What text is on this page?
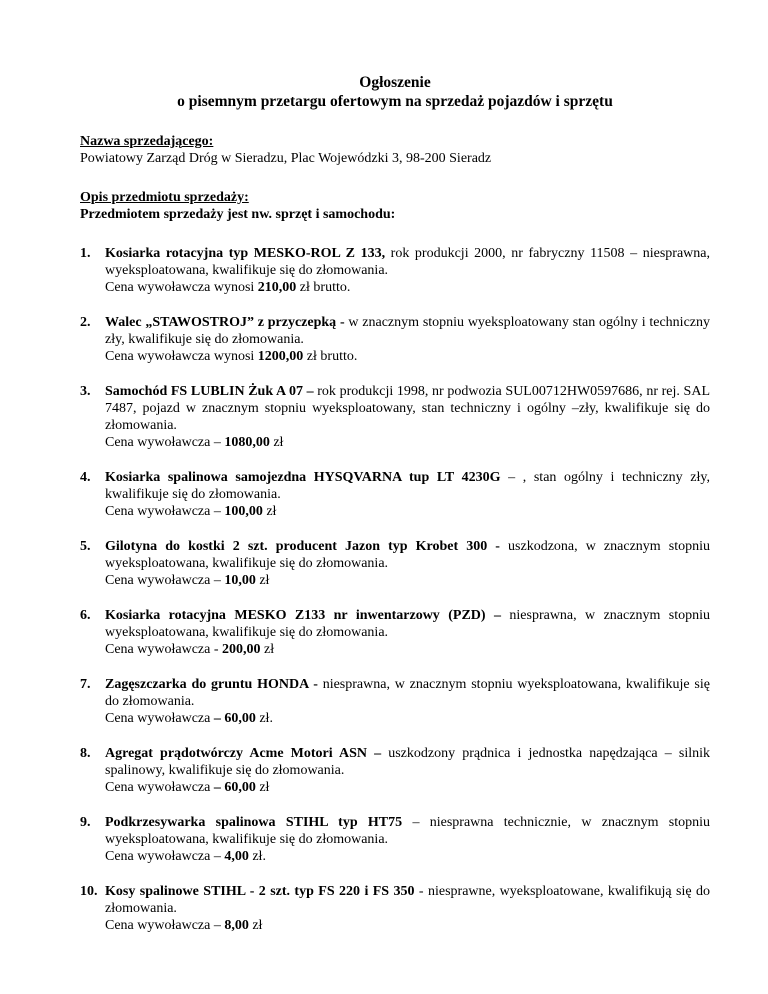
Ogłoszenie
o pisemnym przetargu ofertowym na sprzedaż pojazdów i sprzętu
Nazwa sprzedającego:
Powiatowy Zarząd Dróg w Sieradzu, Plac Wojewódzki 3, 98-200 Sieradz
Opis przedmiotu sprzedaży:
Przedmiotem sprzedaży jest nw. sprzęt i samochodu:
1. Kosiarka rotacyjna typ MESKO-ROL Z 133, rok produkcji 2000, nr fabryczny 11508 – niesprawna, wyeksploatowana, kwalifikuje się do złomowania.
Cena wywoławcza wynosi 210,00 zł brutto.
2. Walec „STAWOSTROJ” z przyczepką - w znacznym stopniu wyeksploatowany stan ogólny i techniczny zły, kwalifikuje się do złomowania.
Cena wywoławcza wynosi 1200,00 zł brutto.
3. Samochód FS LUBLIN Żuk A 07 – rok produkcji 1998, nr podwozia SUL00712HW0597686, nr rej. SAL 7487, pojazd w znacznym stopniu wyeksploatowany, stan techniczny i ogólny –zły, kwalifikuje się do złomowania.
Cena wywoławcza – 1080,00 zł
4. Kosiarka spalinowa samojezdna HYSQVARNA tup LT 4230G – , stan ogólny i techniczny zły, kwalifikuje się do złomowania.
Cena wywoławcza – 100,00 zł
5. Gilotyna do kostki 2 szt. producent Jazon typ Krobet 300 - uszkodzona, w znacznym stopniu wyeksploatowana, kwalifikuje się do złomowania.
Cena wywoławcza – 10,00 zł
6. Kosiarka rotacyjna MESKO Z133 nr inwentarzowy (PZD) – niesprawna, w znacznym stopniu wyeksploatowana, kwalifikuje się do złomowania.
Cena wywoławcza - 200,00 zł
7. Zagęszczarka do gruntu HONDA - niesprawna, w znacznym stopniu wyeksploatowana, kwalifikuje się do złomowania.
Cena wywoławcza – 60,00 zł.
8. Agregat prądotwórczy Acme Motori ASN – uszkodzony prądnica i jednostka napędzająca – silnik spalinowy, kwalifikuje się do złomowania.
Cena wywoławcza – 60,00 zł
9. Podkrzesywarka spalinowa STIHL typ HT75 – niesprawna technicznie, w znacznym stopniu wyeksploatowana, kwalifikuje się do złomowania.
Cena wywoławcza – 4,00 zł.
10. Kosy spalinowe STIHL - 2 szt. typ FS 220 i FS 350 - niesprawne, wyeksploatowane, kwalifikują się do złomowania.
Cena wywoławcza – 8,00 zł
